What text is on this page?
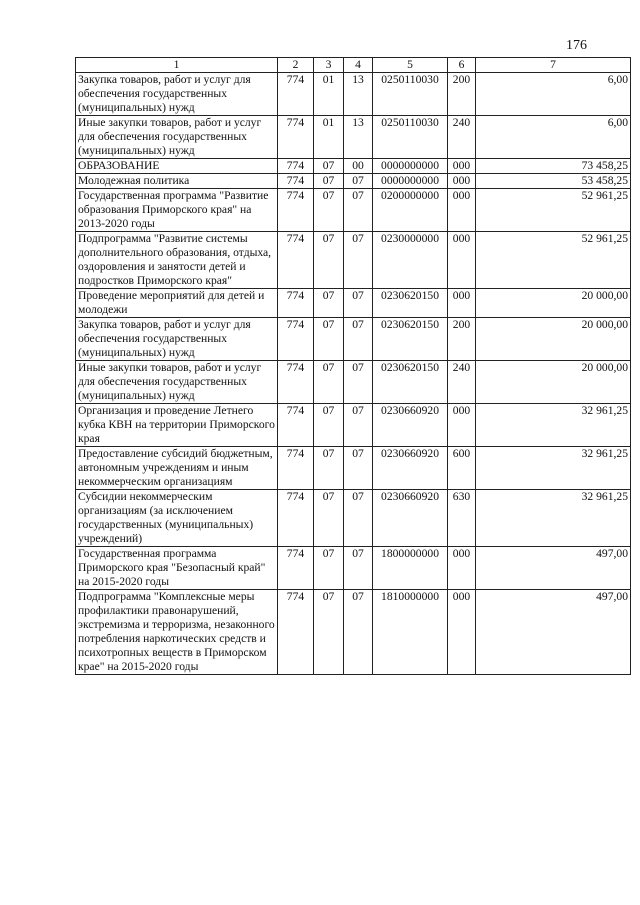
176
1	2	3	4	5	6	7
Закупка товаров, работ и услуг для обеспечения государственных (муниципальных) нужд	774	01	13	0250110030	200	6,00
Иные закупки товаров, работ и услуг для обеспечения государственных (муниципальных) нужд	774	01	13	0250110030	240	6,00
ОБРАЗОВАНИЕ	774	07	00	0000000000	000	73 458,25
Молодежная политика	774	07	07	0000000000	000	53 458,25
Государственная программа "Развитие образования Приморского края" на 2013-2020 годы	774	07	07	0200000000	000	52 961,25
Подпрограмма "Развитие системы дополнительного образования, отдыха, оздоровления и занятости детей и подростков Приморского края"	774	07	07	0230000000	000	52 961,25
Проведение мероприятий для детей и молодежи	774	07	07	0230620150	000	20 000,00
Закупка товаров, работ и услуг для обеспечения государственных (муниципальных) нужд	774	07	07	0230620150	200	20 000,00
Иные закупки товаров, работ и услуг для обеспечения государственных (муниципальных) нужд	774	07	07	0230620150	240	20 000,00
Организация и проведение Летнего кубка КВН на территории Приморского края	774	07	07	0230660920	000	32 961,25
Предоставление субсидий бюджетным, автономным учреждениям и иным некоммерческим организациям	774	07	07	0230660920	600	32 961,25
Субсидии некоммерческим организациям (за исключением государственных (муниципальных) учреждений)	774	07	07	0230660920	630	32 961,25
Государственная программа Приморского края "Безопасный край" на 2015-2020 годы	774	07	07	1800000000	000	497,00
Подпрограмма "Комплексные меры профилактики правонарушений, экстремизма и терроризма, незаконного потребления наркотических средств и психотропных веществ в Приморском крае" на 2015-2020 годы	774	07	07	1810000000	000	497,00
